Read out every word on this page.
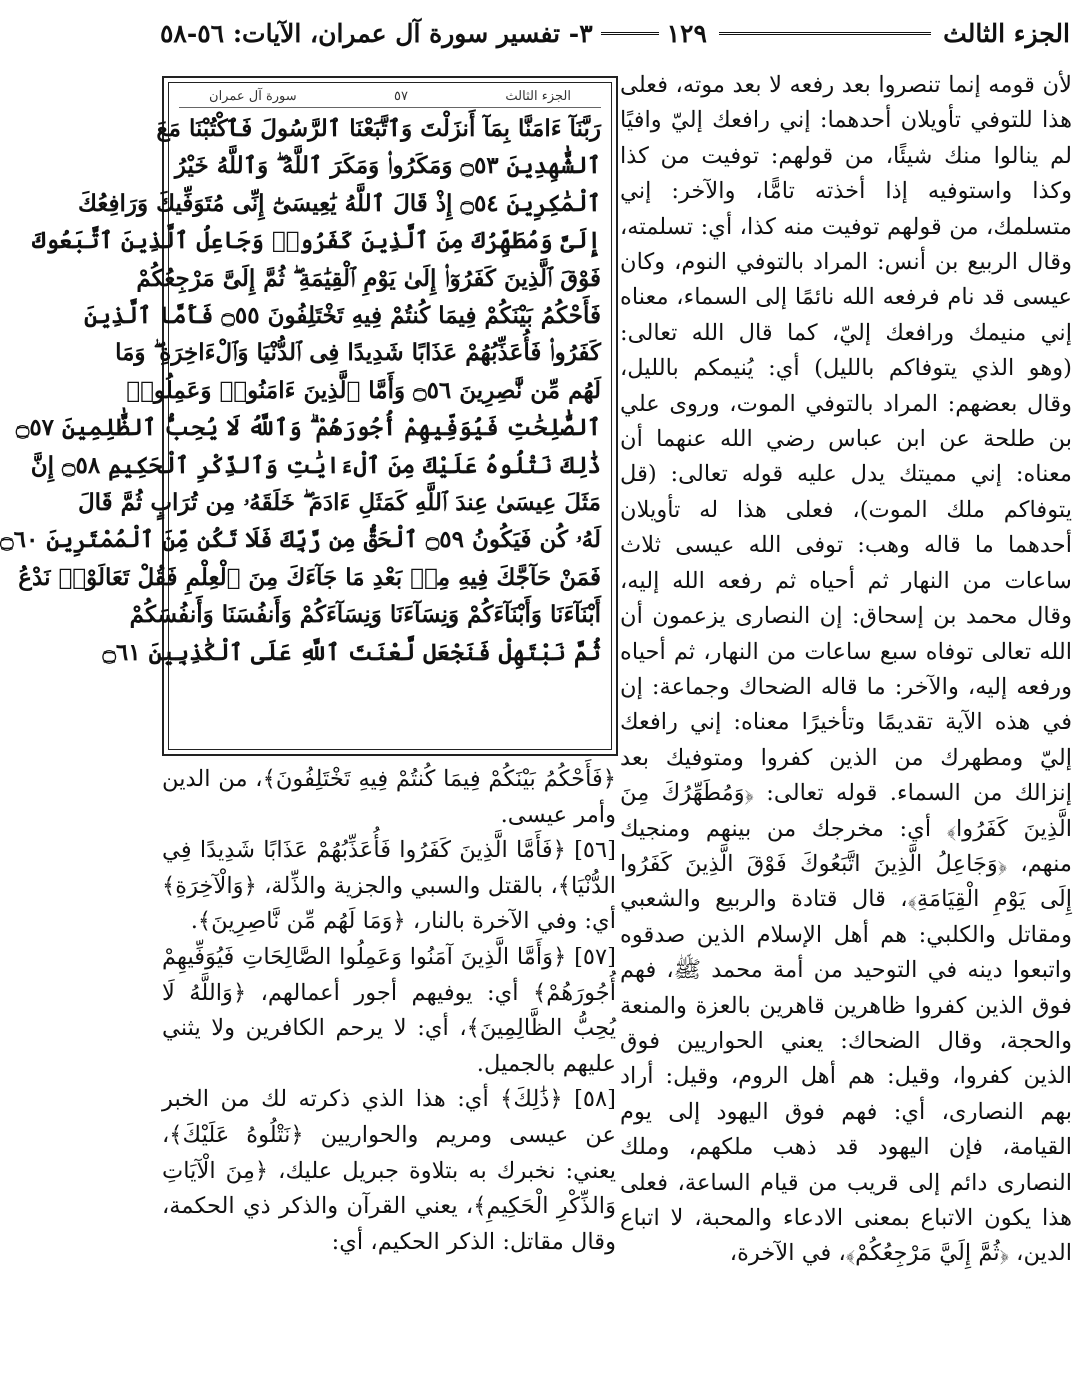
الجزء الثالث
١٢٩
٣- تفسير سورة آل عمران، الآيات: ٥٦-٥٨

لأن قومه إنما تنصروا بعد رفعه لا بعد موته، فعلى هذا للتوفي تأويلان أحدهما: إني رافعك إليّ وافيًا لم ينالوا منك شيئًا، من قولهم: توفيت من كذا وكذا واستوفيه إذا أخذته تامًّا، والآخر: إني متسلمك، من قولهم توفيت منه كذا، أي: تسلمته، وقال الربيع بن أنس: المراد بالتوفي النوم، وكان عيسى قد نام فرفعه الله نائمًا إلى السماء، معناه إني منيمك ورافعك إليّ، كما قال الله تعالى: (وهو الذي يتوفاكم بالليل) أي: يُنيمكم بالليل، وقال بعضهم: المراد بالتوفي الموت، وروى علي بن طلحة عن ابن عباس رضي الله عنهما أن معناه: إني مميتك يدل عليه قوله تعالى: (قل يتوفاكم ملك الموت)، فعلى هذا له تأويلان أحدهما ما قاله وهب: توفى الله عيسى ثلاث ساعات من النهار ثم أحياه ثم رفعه الله إليه، وقال محمد بن إسحاق: إن النصارى يزعمون أن الله تعالى توفاه سبع ساعات من النهار، ثم أحياه ورفعه إليه، والآخر: ما قاله الضحاك وجماعة: إن في هذه الآية تقديمًا وتأخيرًا معناه: إني رافعك إليّ ومطهرك من الذين كفروا ومتوفيك بعد إنزالك من السماء. قوله تعالى: ﴿وَمُطَهِّرُكَ مِنَ الَّذِينَ كَفَرُوا﴾ أي: مخرجك من بينهم ومنجيك منهم، ﴿وَجَاعِلُ الَّذِينَ اتَّبَعُوكَ فَوْقَ الَّذِينَ كَفَرُوا إِلَى يَوْمِ الْقِيَامَةِ﴾، قال قتادة والربيع والشعبي ومقاتل والكلبي: هم أهل الإسلام الذين صدقوه واتبعوا دينه في التوحيد من أمة محمد ﷺ، فهم فوق الذين كفروا ظاهرين قاهرين بالعزة والمنعة والحجة، وقال الضحاك: يعني الحواريين فوق الذين كفروا، وقيل: هم أهل الروم، وقيل: أراد بهم النصارى، أي: فهم فوق اليهود إلى يوم القيامة، فإن اليهود قد ذهب ملكهم، وملك النصارى دائم إلى قريب من قيام الساعة، فعلى هذا يكون الاتباع بمعنى الادعاء والمحبة، لا اتباع الدين، ﴿ثُمَّ إِلَيَّ مَرْجِعُكُمْ﴾، في الآخرة،

الجزء الثالث
٥٧
سورة آل عمران
رَبَّنَآ ءَامَنَّا بِمَآ أَنزَلْتَ وَٱتَّبَعْنَا ٱلرَّسُولَ فَٱكْتُبْنَا مَعَ
ٱلشَّٰهِدِينَ ۝٥٣ وَمَكَرُوا۟ وَمَكَرَ ٱللَّهُ ۖ وَٱللَّهُ خَيْرُ
ٱلْمَٰكِرِينَ ۝٥٤ إِذْ قَالَ ٱللَّهُ يَٰعِيسَىٰٓ إِنِّى مُتَوَفِّيكَ وَرَافِعُكَ
إِلَىَّ وَمُطَهِّرُكَ مِنَ ٱلَّذِينَ كَفَرُوا۟ وَجَاعِلُ ٱلَّذِينَ ٱتَّبَعُوكَ
فَوْقَ ٱلَّذِينَ كَفَرُوٓا۟ إِلَىٰ يَوْمِ ٱلْقِيَٰمَةِ ۖ ثُمَّ إِلَىَّ مَرْجِعُكُمْ
فَأَحْكُمُ بَيْنَكُمْ فِيمَا كُنتُمْ فِيهِ تَخْتَلِفُونَ ۝٥٥ فَأَمَّا ٱلَّذِينَ
كَفَرُوا۟ فَأُعَذِّبُهُمْ عَذَابًا شَدِيدًا فِى ٱلدُّنْيَا وَٱلْءَاخِرَةِ ۖ وَمَا
لَهُم مِّن نَّٰصِرِينَ ۝٥٦ وَأَمَّا ٱلَّذِينَ ءَامَنُوا۟ وَعَمِلُوا۟
ٱلصَّٰلِحَٰتِ فَيُوَفِّيهِمْ أُجُورَهُمْ ۗ وَٱللَّهُ لَا يُحِبُّ ٱلظَّٰلِمِينَ ۝٥٧
ذَٰلِكَ نَتْلُوهُ عَلَيْكَ مِنَ ٱلْءَايَٰتِ وَٱلذِّكْرِ ٱلْحَكِيمِ ۝٥٨ إِنَّ
مَثَلَ عِيسَىٰ عِندَ ٱللَّهِ كَمَثَلِ ءَادَمَ ۖ خَلَقَهُۥ مِن تُرَابٍ ثُمَّ قَالَ
لَهُۥ كُن فَيَكُونُ ۝٥٩ ٱلْحَقُّ مِن رَّبِّكَ فَلَا تَكُن مِّنَ ٱلْمُمْتَرِينَ ۝٦٠
فَمَنْ حَآجَّكَ فِيهِ مِنۢ بَعْدِ مَا جَآءَكَ مِنَ ٱلْعِلْمِ فَقُلْ تَعَالَوْا۟ نَدْعُ
أَبْنَآءَنَا وَأَبْنَآءَكُمْ وَنِسَآءَنَا وَنِسَآءَكُمْ وَأَنفُسَنَا وَأَنفُسَكُمْ
ثُمَّ نَبْتَهِلْ فَنَجْعَل لَّعْنَتَ ٱللَّهِ عَلَى ٱلْكَٰذِبِينَ ۝٦١

﴿فَأَحْكُمُ بَيْنَكُمْ فِيمَا كُنتُمْ فِيهِ تَخْتَلِفُونَ﴾، من الدين وأمر عيسى.

[٥٦] ﴿فَأَمَّا الَّذِينَ كَفَرُوا فَأُعَذِّبُهُمْ عَذَابًا شَدِيدًا فِي الدُّنْيَا﴾، بالقتل والسبي والجزية والذِّلة، ﴿وَالْآخِرَةِ﴾ أي: وفي الآخرة بالنار، ﴿وَمَا لَهُم مِّن نَّاصِرِينَ﴾.

[٥٧] ﴿وَأَمَّا الَّذِينَ آمَنُوا وَعَمِلُوا الصَّالِحَاتِ فَيُوَفِّيهِمْ أُجُورَهُمْ﴾ أي: يوفيهم أجور أعمالهم، ﴿وَاللَّهُ لَا يُحِبُّ الظَّالِمِينَ﴾، أي: لا يرحم الكافرين ولا يثني عليهم بالجميل.

[٥٨] ﴿ذَٰلِكَ﴾ أي: هذا الذي ذكرته لك من الخبر عن عيسى ومريم والحواريين ﴿نَتْلُوهُ عَلَيْكَ﴾، يعني: نخبرك به بتلاوة جبريل عليك، ﴿مِنَ الْآيَاتِ وَالذِّكْرِ الْحَكِيمِ﴾، يعني القرآن والذكر ذي الحكمة، وقال مقاتل: الذكر الحكيم، أي:
